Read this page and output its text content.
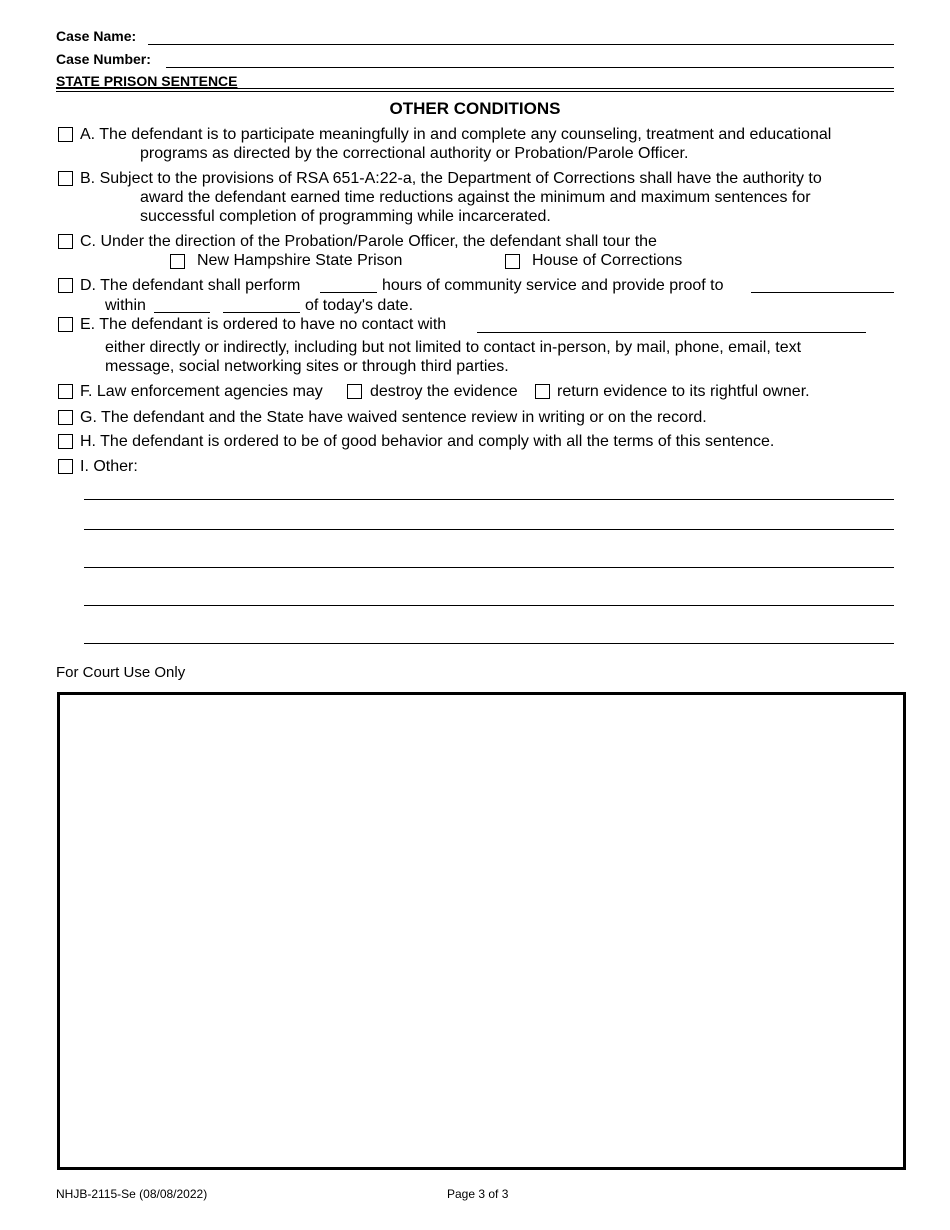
Case Name:
Case Number:
STATE PRISON SENTENCE
OTHER CONDITIONS
A. The defendant is to participate meaningfully in and complete any counseling, treatment and educational
programs as directed by the correctional authority or Probation/Parole Officer.
B. Subject to the provisions of RSA 651-A:22-a, the Department of Corrections shall have the authority to
award the defendant earned time reductions against the minimum and maximum sentences for
successful completion of programming while incarcerated.
C. Under the direction of the Probation/Parole Officer, the defendant shall tour the
New Hampshire State Prison	House of Corrections
D. The defendant shall perform	hours of community service and provide proof to
within	of today's date.
E. The defendant is ordered to have no contact with
either directly or indirectly, including but not limited to contact in-person, by mail, phone, email, text
message, social networking sites or through third parties.
F. Law enforcement agencies may	destroy the evidence return evidence to its rightful owner.
G. The defendant and the State have waived sentence review in writing or on the record.
H. The defendant is ordered to be of good behavior and comply with all the terms of this sentence.
I. Other:
For Court Use Only
NHJB-2115-Se (08/08/2022)	Page 3 of 3
